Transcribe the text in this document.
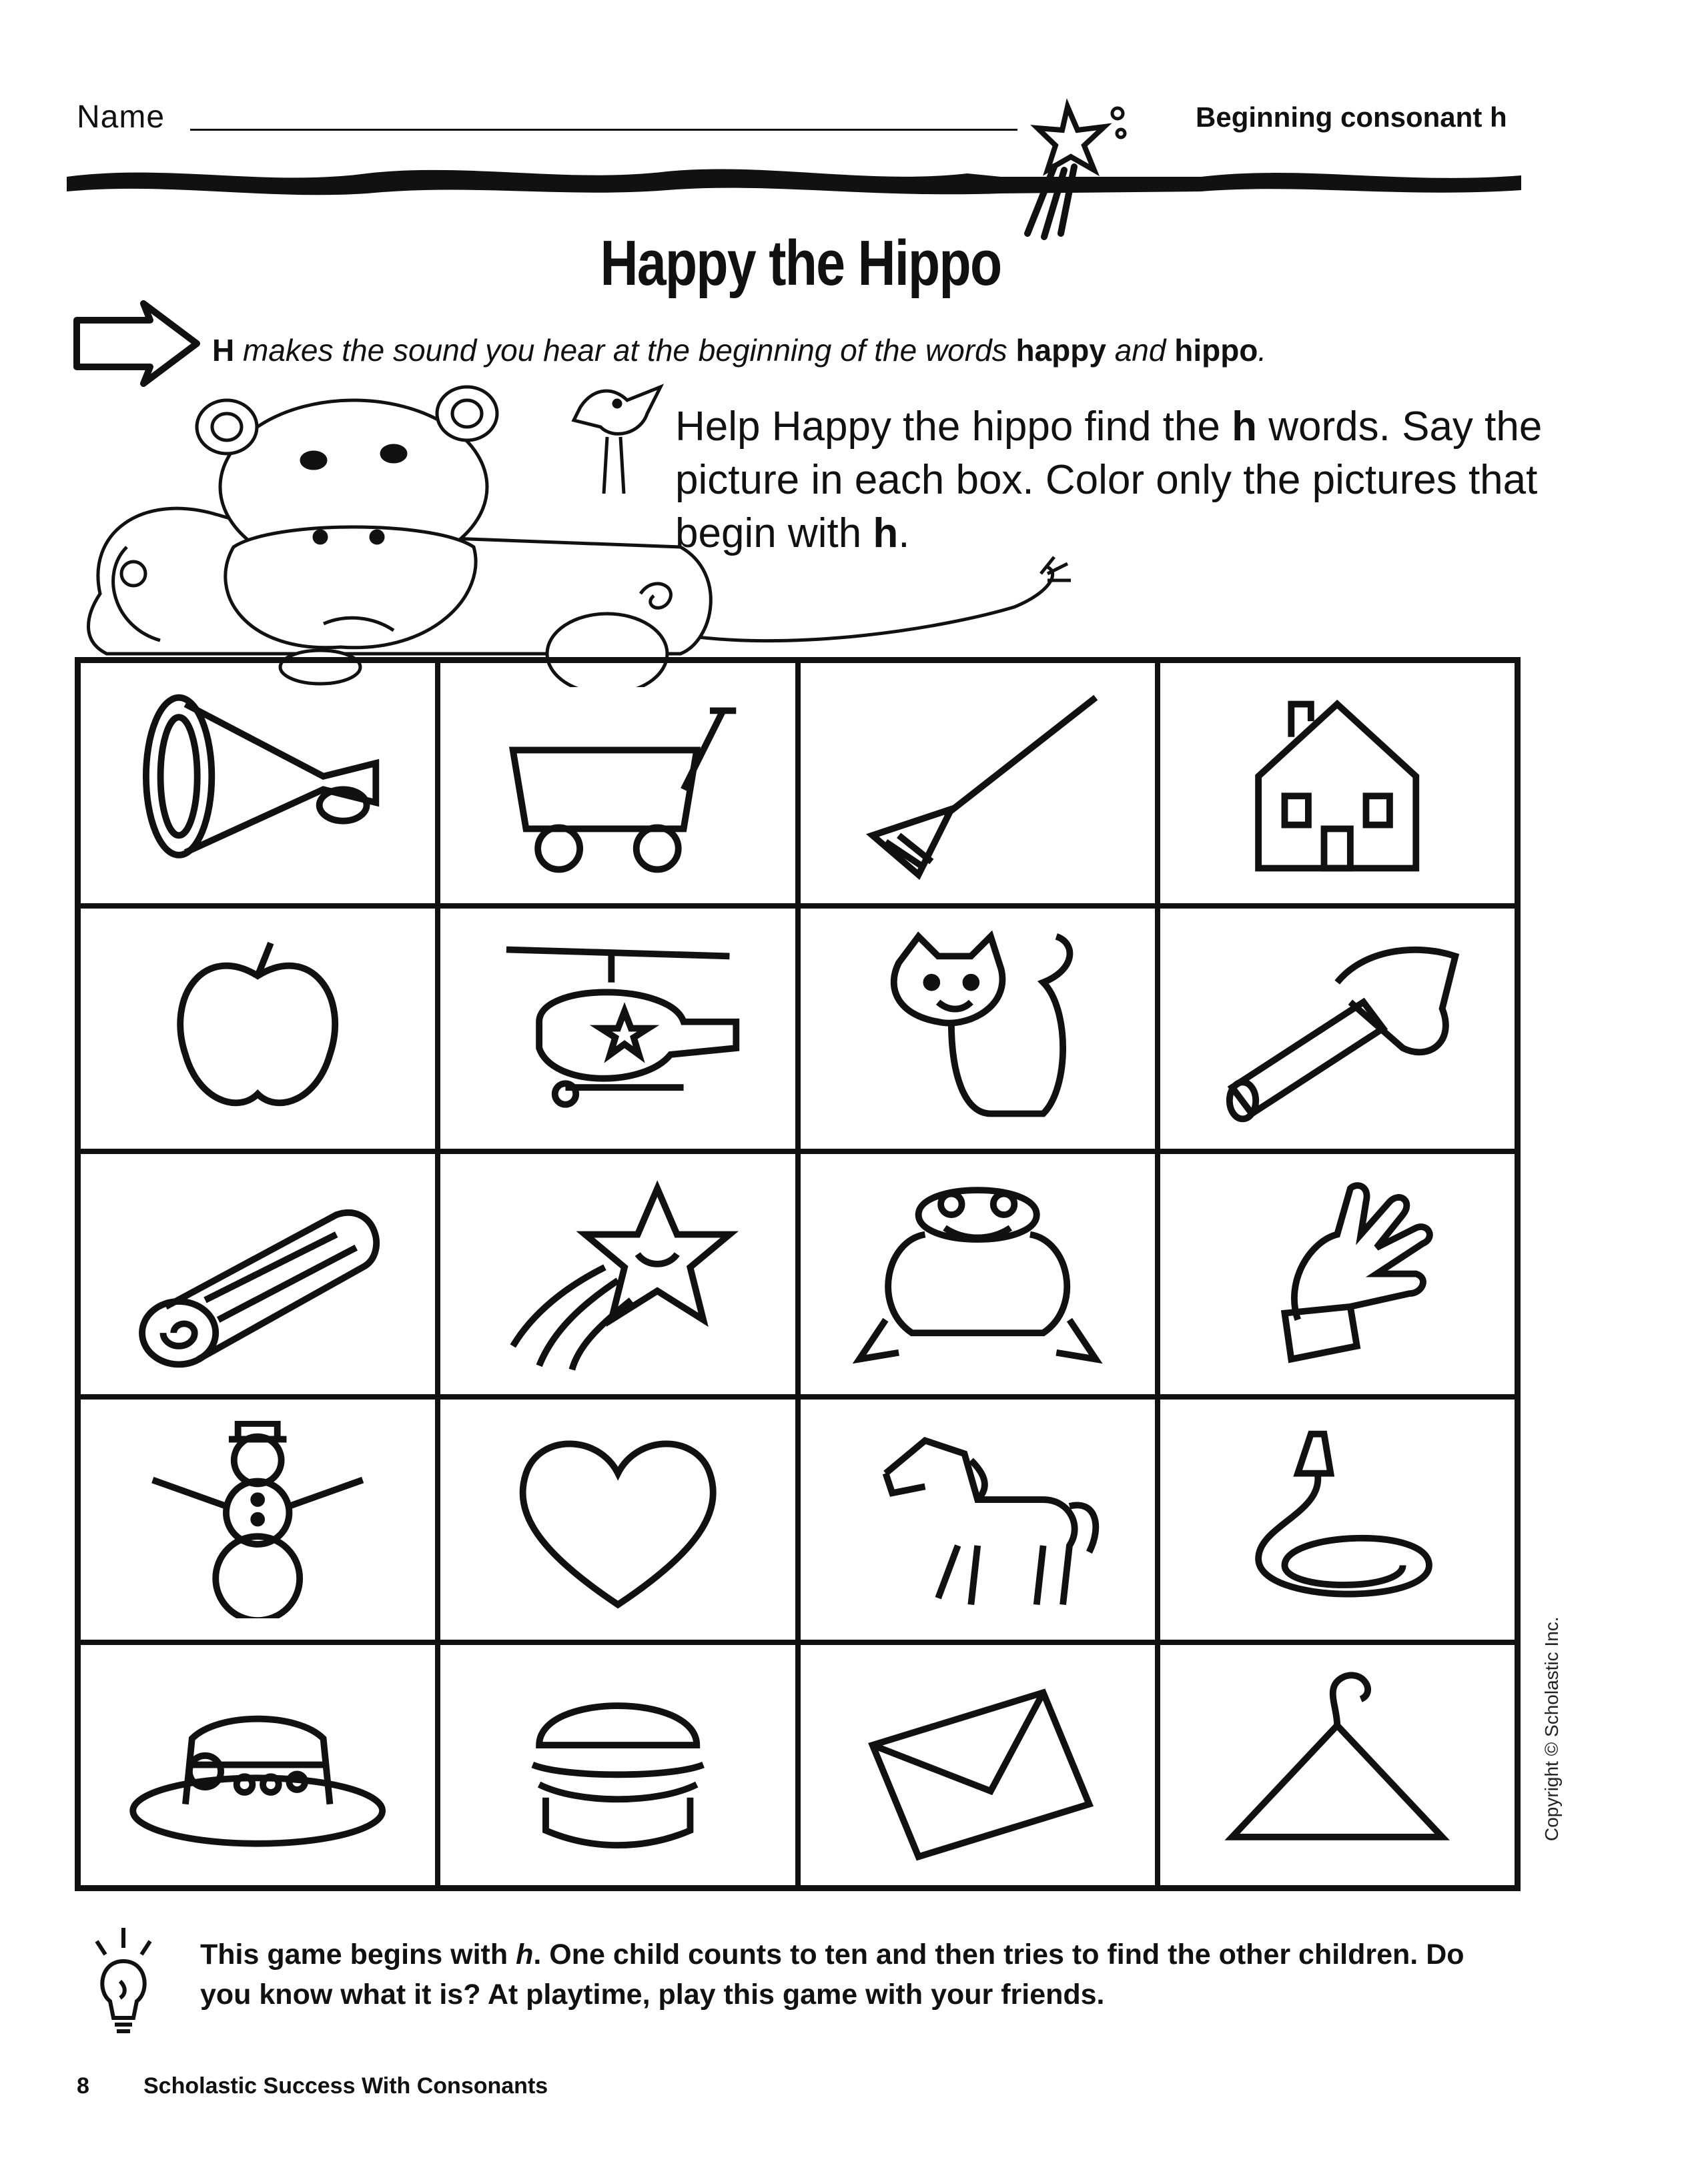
Name	Beginning consonant h
Happy the Hippo
H makes the sound you hear at the beginning of the words happy and hippo.
Help Happy the hippo find the h words. Say the picture in each box. Color only the pictures that begin with h.
Copyright © Scholastic Inc.
This game begins with h. One child counts to ten and then tries to find the other children. Do you know what it is? At playtime, play this game with your friends.
8 Scholastic Success With Consonants
